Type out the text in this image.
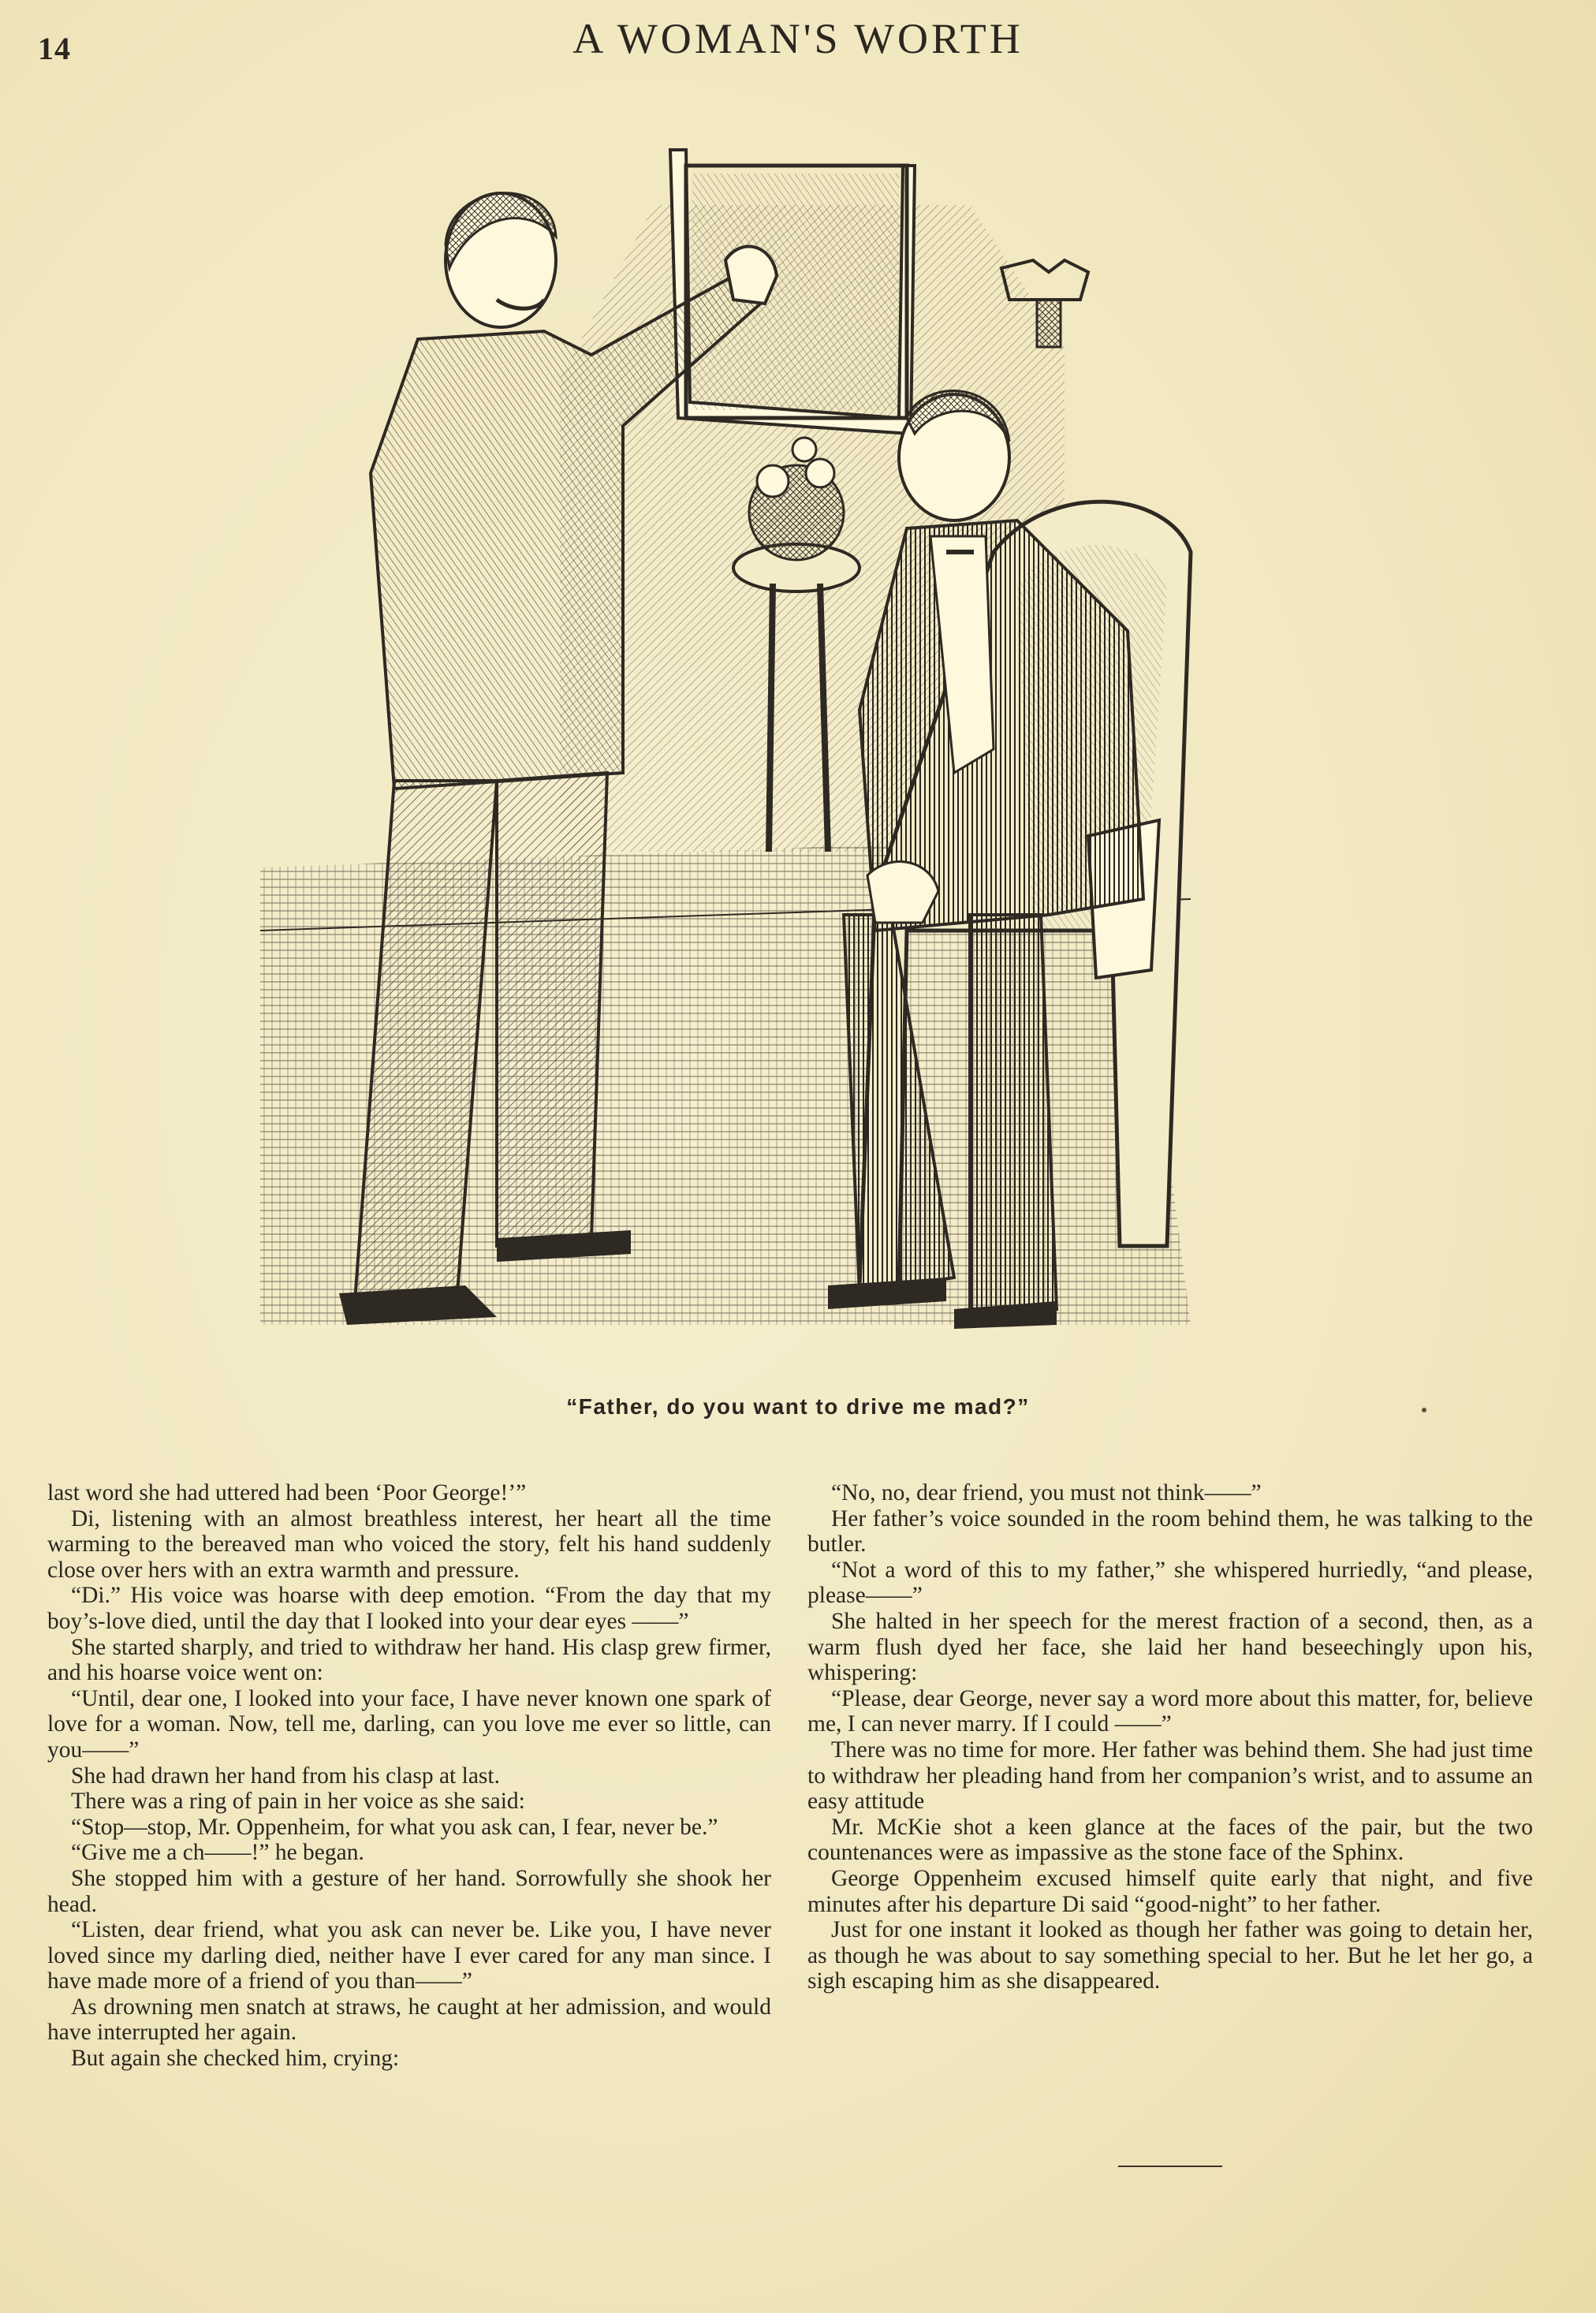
14	A WOMAN'S WORTH
“Father, do you want to drive me mad?”

last word she had uttered had been ‘Poor George!’”

Di, listening with an almost breathless interest, her heart all the time warming to the bereaved man who voiced the story, felt his hand suddenly close over hers with an extra warmth and pressure.

“Di.” His voice was hoarse with deep emotion. “From the day that my boy’s-love died, until the day that I looked into your dear eyes ——”

She started sharply, and tried to withdraw her hand. His clasp grew firmer, and his hoarse voice went on:

“Until, dear one, I looked into your face, I have never known one spark of love for a woman. Now, tell me, darling, can you love me ever so little, can you——”

She had drawn her hand from his clasp at last.

There was a ring of pain in her voice as she said:

“Stop—stop, Mr. Oppenheim, for what you ask can, I fear, never be.”

“Give me a ch——!” he began.

She stopped him with a gesture of her hand. Sorrowfully she shook her head.

“Listen, dear friend, what you ask can never be. Like you, I have never loved since my darling died, neither have I ever cared for any man since. I have made more of a friend of you than——”

As drowning men snatch at straws, he caught at her admission, and would have interrupted her again.

But again she checked him, crying:

“No, no, dear friend, you must not think——”

Her father’s voice sounded in the room behind them, he was talking to the butler.

“Not a word of this to my father,” she whispered hurriedly, “and please, please——”

She halted in her speech for the merest fraction of a second, then, as a warm flush dyed her face, she laid her hand beseechingly upon his, whispering:

“Please, dear George, never say a word more about this matter, for, believe me, I can never marry. If I could ——”

There was no time for more. Her father was behind them. She had just time to withdraw her pleading hand from her companion’s wrist, and to assume an easy attitude

Mr. McKie shot a keen glance at the faces of the pair, but the two countenances were as impassive as the stone face of the Sphinx.

George Oppenheim excused himself quite early that night, and five minutes after his departure Di said “good-night” to her father.

Just for one instant it looked as though her father was going to detain her, as though he was about to say something special to her. But he let her go, a sigh escaping him as she disappeared.
